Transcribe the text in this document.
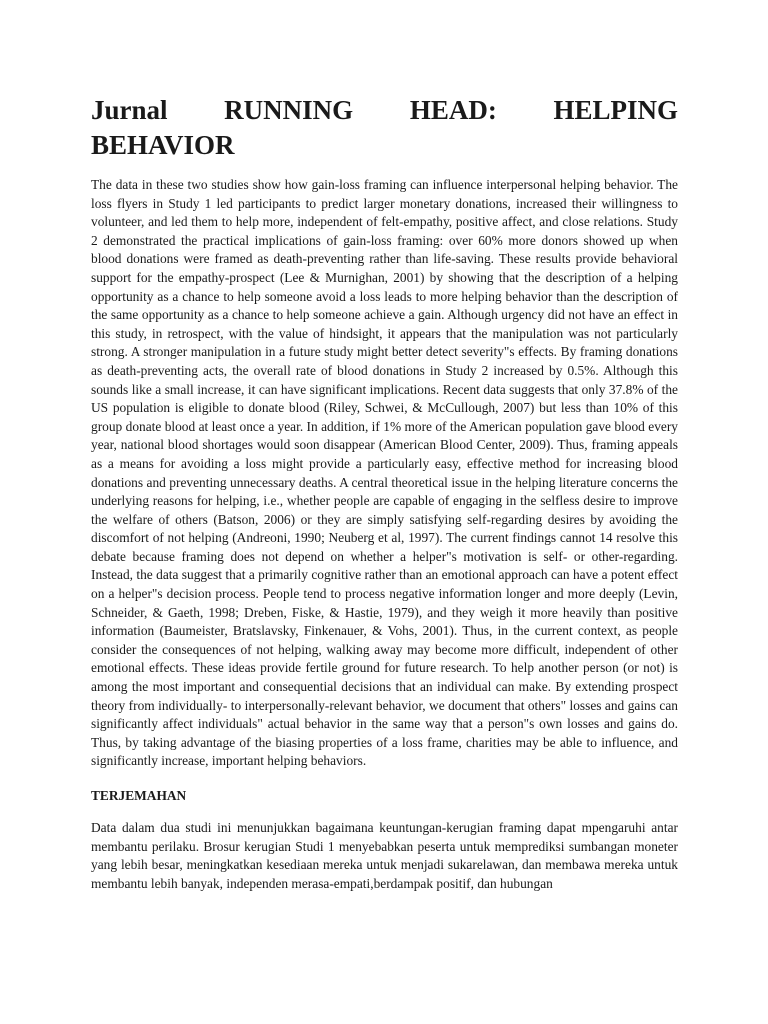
Jurnal RUNNING HEAD: HELPING

BEHAVIOR

The data in these two studies show how gain-loss framing can influence interpersonal helping behavior. The loss flyers in Study 1 led participants to predict larger monetary donations, increased their willingness to volunteer, and led them to help more, independent of felt-empathy, positive affect, and close relations. Study 2 demonstrated the practical implications of gain-loss framing: over 60% more donors showed up when blood donations were framed as death-preventing rather than life-saving. These results provide behavioral support for the empathy-prospect (Lee & Murnighan, 2001) by showing that the description of a helping opportunity as a chance to help someone avoid a loss leads to more helping behavior than the description of the same opportunity as a chance to help someone achieve a gain. Although urgency did not have an effect in this study, in retrospect, with the value of hindsight, it appears that the manipulation was not particularly strong. A stronger manipulation in a future study might better detect severity"s effects. By framing donations as death-preventing acts, the overall rate of blood donations in Study 2 increased by 0.5%. Although this sounds like a small increase, it can have significant implications. Recent data suggests that only 37.8% of the US population is eligible to donate blood (Riley, Schwei, & McCullough, 2007) but less than 10% of this group donate blood at least once a year. In addition, if 1% more of the American population gave blood every year, national blood shortages would soon disappear (American Blood Center, 2009). Thus, framing appeals as a means for avoiding a loss might provide a particularly easy, effective method for increasing blood donations and preventing unnecessary deaths. A central theoretical issue in the helping literature concerns the underlying reasons for helping, i.e., whether people are capable of engaging in the selfless desire to improve the welfare of others (Batson, 2006) or they are simply satisfying self-regarding desires by avoiding the discomfort of not helping (Andreoni, 1990; Neuberg et al, 1997). The current findings cannot 14 resolve this debate because framing does not depend on whether a helper"s motivation is self- or other-regarding. Instead, the data suggest that a primarily cognitive rather than an emotional approach can have a potent effect on a helper"s decision process. People tend to process negative information longer and more deeply (Levin, Schneider, & Gaeth, 1998; Dreben, Fiske, & Hastie, 1979), and they weigh it more heavily than positive information (Baumeister, Bratslavsky, Finkenauer, & Vohs, 2001). Thus, in the current context, as people consider the consequences of not helping, walking away may become more difficult, independent of other emotional effects. These ideas provide fertile ground for future research. To help another person (or not) is among the most important and consequential decisions that an individual can make. By extending prospect theory from individually- to interpersonally-relevant behavior, we document that others" losses and gains can significantly affect individuals" actual behavior in the same way that a person"s own losses and gains do. Thus, by taking advantage of the biasing properties of a loss frame, charities may be able to influence, and significantly increase, important helping behaviors.

TERJEMAHAN

Data dalam dua studi ini menunjukkan bagaimana keuntungan-kerugian framing dapat mpengaruhi antar membantu perilaku. Brosur kerugian Studi 1 menyebabkan peserta untuk memprediksi sumbangan moneter yang lebih besar, meningkatkan kesediaan mereka untuk menjadi sukarelawan, dan membawa mereka untuk membantu lebih banyak, independen merasa-empati,berdampak positif, dan hubungan
